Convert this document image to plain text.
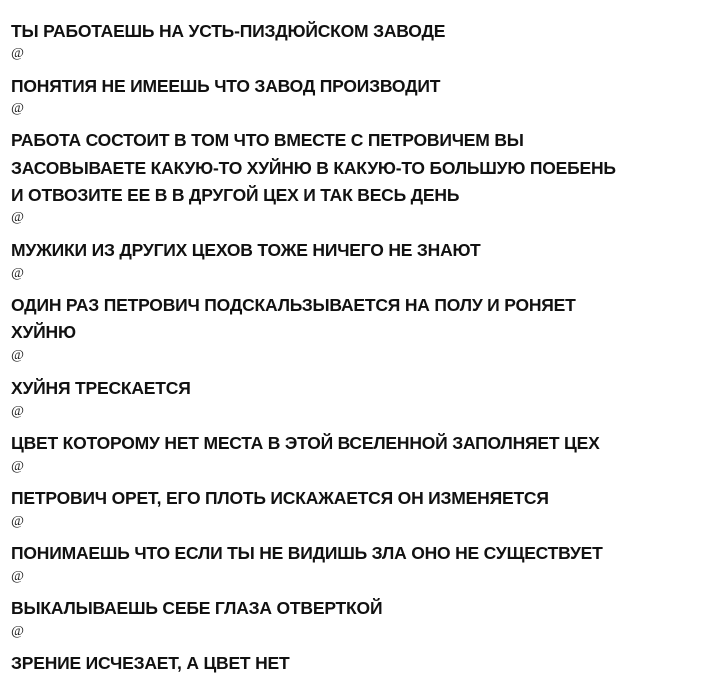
ТЫ РАБОТАЕШЬ НА УСТЬ-ПИЗДЮЙСКОМ ЗАВОДЕ
@
ПОНЯТИЯ НЕ ИМЕЕШЬ ЧТО ЗАВОД ПРОИЗВОДИТ
@
РАБОТА СОСТОИТ В ТОМ ЧТО ВМЕСТЕ С ПЕТРОВИЧЕМ ВЫ
ЗАСОВЫВАЕТЕ КАКУЮ-ТО ХУЙНЮ В КАКУЮ-ТО БОЛЬШУЮ ПОЕБЕНЬ
И ОТВОЗИТЕ ЕЕ В В ДРУГОЙ ЦЕХ И ТАК ВЕСЬ ДЕНЬ
@
МУЖИКИ ИЗ ДРУГИХ ЦЕХОВ ТОЖЕ НИЧЕГО НЕ ЗНАЮТ
@
ОДИН РАЗ ПЕТРОВИЧ ПОДСКАЛЬЗЫВАЕТСЯ НА ПОЛУ И РОНЯЕТ
ХУЙНЮ
@
ХУЙНЯ ТРЕСКАЕТСЯ
@
ЦВЕТ КОТОРОМУ НЕТ МЕСТА В ЭТОЙ ВСЕЛЕННОЙ ЗАПОЛНЯЕТ ЦЕХ
@
ПЕТРОВИЧ ОРЕТ, ЕГО ПЛОТЬ ИСКАЖАЕТСЯ ОН ИЗМЕНЯЕТСЯ
@
ПОНИМАЕШЬ ЧТО ЕСЛИ ТЫ НЕ ВИДИШЬ ЗЛА ОНО НЕ СУЩЕСТВУЕТ
@
ВЫКАЛЫВАЕШЬ СЕБЕ ГЛАЗА ОТВЕРТКОЙ
@
ЗРЕНИЕ ИСЧЕЗАЕТ, А ЦВЕТ НЕТ
